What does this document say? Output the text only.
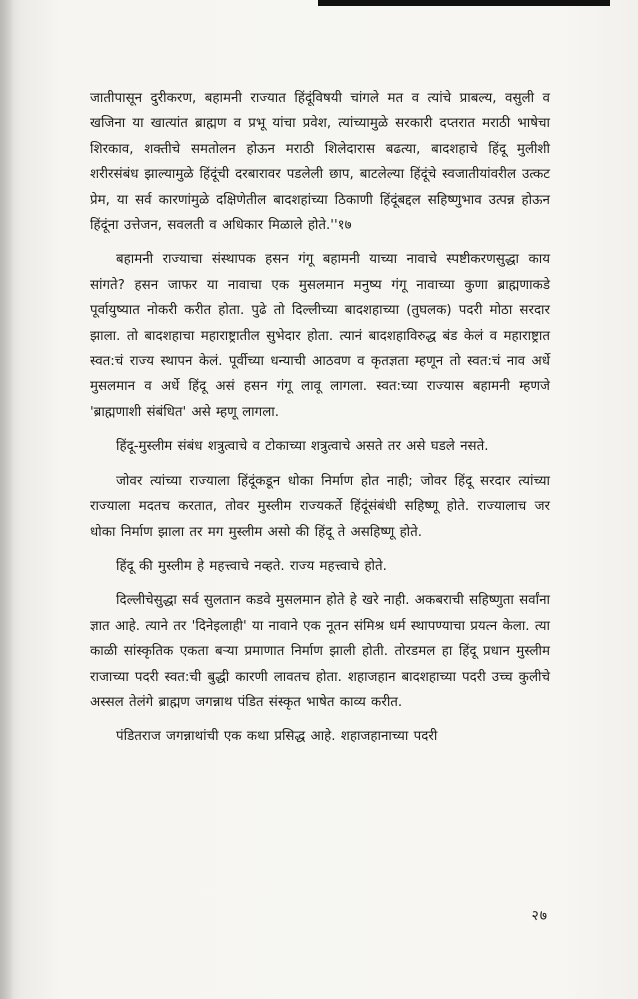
जातीपासून दुरीकरण, बहामनी राज्यात हिंदूंविषयी चांगले मत व त्यांचे प्राबल्य, वसुली व खजिना या खात्यांत ब्राह्मण व प्रभू यांचा प्रवेश, त्यांच्यामुळे सरकारी दप्तरात मराठी भाषेचा शिरकाव, शक्तीचे समतोलन होऊन मराठी शिलेदारास बढत्या, बादशहाचे हिंदू मुलीशी शरीरसंबंध झाल्यामुळे हिंदूंची दरबारावर पडलेली छाप, बाटलेल्या हिंदूंचे स्वजातीयांवरील उत्कट प्रेम, या सर्व कारणांमुळे दक्षिणेतील बादशहांच्या ठिकाणी हिंदूंबद्दल सहिष्णुभाव उत्पन्न होऊन हिंदूंना उत्तेजन, सवलती व अधिकार मिळाले होते.''१७

बहामनी राज्याचा संस्थापक हसन गंगू बहामनी याच्या नावाचे स्पष्टीकरणसुद्धा काय सांगते? हसन जाफर या नावाचा एक मुसलमान मनुष्य गंगू नावाच्या कुणा ब्राह्मणाकडे पूर्वायुष्यात नोकरी करीत होता. पुढे तो दिल्लीच्या बादशहाच्या (तुघलक) पदरी मोठा सरदार झाला. तो बादशहाचा महाराष्ट्रातील सुभेदार होता. त्यानं बादशहाविरुद्ध बंड केलं व महाराष्ट्रात स्वत:चं राज्य स्थापन केलं. पूर्वीच्या धन्याची आठवण व कृतज्ञता म्हणून तो स्वत:चं नाव अर्धे मुसलमान व अर्धे हिंदू असं हसन गंगू लावू लागला. स्वत:च्या राज्यास बहामनी म्हणजे 'ब्राह्मणाशी संबंधित' असे म्हणू लागला.

हिंदू-मुस्लीम संबंध शत्रुत्वाचे व टोकाच्या शत्रुत्वाचे असते तर असे घडले नसते.

जोवर त्यांच्या राज्याला हिंदूंकडून धोका निर्माण होत नाही; जोवर हिंदू सरदार त्यांच्या राज्याला मदतच करतात, तोवर मुस्लीम राज्यकर्ते हिंदूंसंबंधी सहिष्णू होते. राज्यालाच जर धोका निर्माण झाला तर मग मुस्लीम असो की हिंदू ते असहिष्णू होते.

हिंदू की मुस्लीम हे महत्त्वाचे नव्हते. राज्य महत्त्वाचे होते.

दिल्लीचेसुद्धा सर्व सुलतान कडवे मुसलमान होते हे खरे नाही. अकबराची सहिष्णुता सर्वांना ज्ञात आहे. त्याने तर 'दिनेइलाही' या नावाने एक नूतन संमिश्र धर्म स्थापण्याचा प्रयत्न केला. त्या काळी सांस्कृतिक एकता बऱ्या प्रमाणात निर्माण झाली होती. तोरडमल हा हिंदू प्रधान मुस्लीम राजाच्या पदरी स्वत:ची बुद्धी कारणी लावतच होता. शहाजहान बादशहाच्या पदरी उच्च कुलीचे अस्सल तेलंगे ब्राह्मण जगन्नाथ पंडित संस्कृत भाषेत काव्य करीत.

पंडितराज जगन्नाथांची एक कथा प्रसिद्ध आहे. शहाजहानाच्या पदरी

२७
